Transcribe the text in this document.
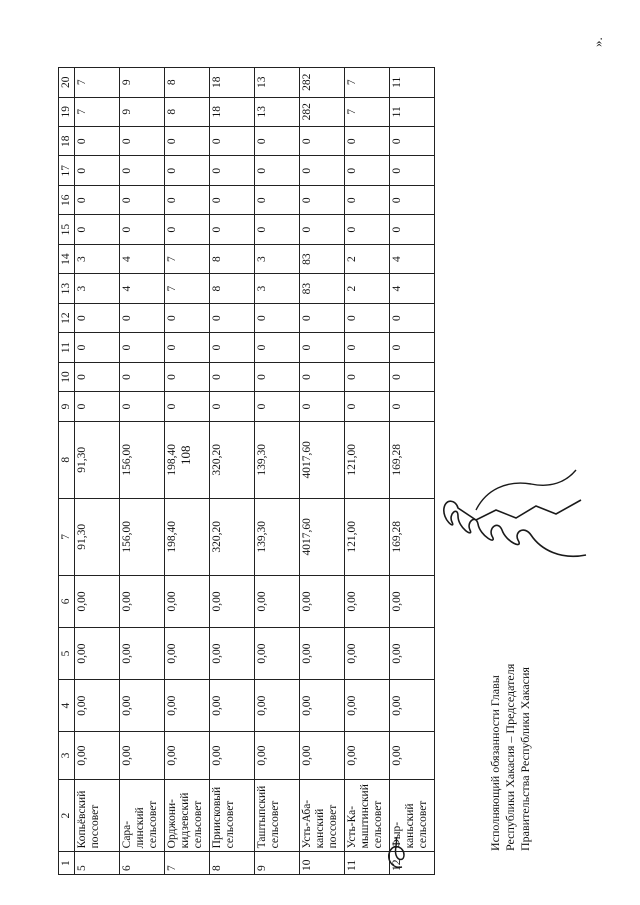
108
1	2	3	4	5	6	7	8	9	10	11	12	13	14	15	16	17	18	19	20
5	Копьёвский
поссовет	0,00	0,00	0,00	0,00	91,30	91,30	0	0	0	0	3	3	0	0	0	0	7	7
6	Сара-
линский
сельсовет	0,00	0,00	0,00	0,00	156,00	156,00	0	0	0	0	4	4	0	0	0	0	9	9
7	Орджони-
кидзевский
сельсовет	0,00	0,00	0,00	0,00	198,40	198,40	0	0	0	0	7	7	0	0	0	0	8	8
8	Приисковый
сельсовет	0,00	0,00	0,00	0,00	320,20	320,20	0	0	0	0	8	8	0	0	0	0	18	18
9	Таштыпский
сельсовет	0,00	0,00	0,00	0,00	139,30	139,30	0	0	0	0	3	3	0	0	0	0	13	13
10	Усть-Аба-
канский
поссовет	0,00	0,00	0,00	0,00	4017,60	4017,60	0	0	0	0	83	83	0	0	0	0	282	282
11	Усть-Ка-
мыштинский
сельсовет	0,00	0,00	0,00	0,00	121,00	121,00	0	0	0	0	2	2	0	0	0	0	7	7
12	Фыр-
каньский
сельсовет	0,00	0,00	0,00	0,00	169,28	169,28	0	0	0	0	4	4	0	0	0	0	11	11
».
Исполняющий обязанности Главы Республики Хакасия – Председателя Правительства Республики Хакасия
